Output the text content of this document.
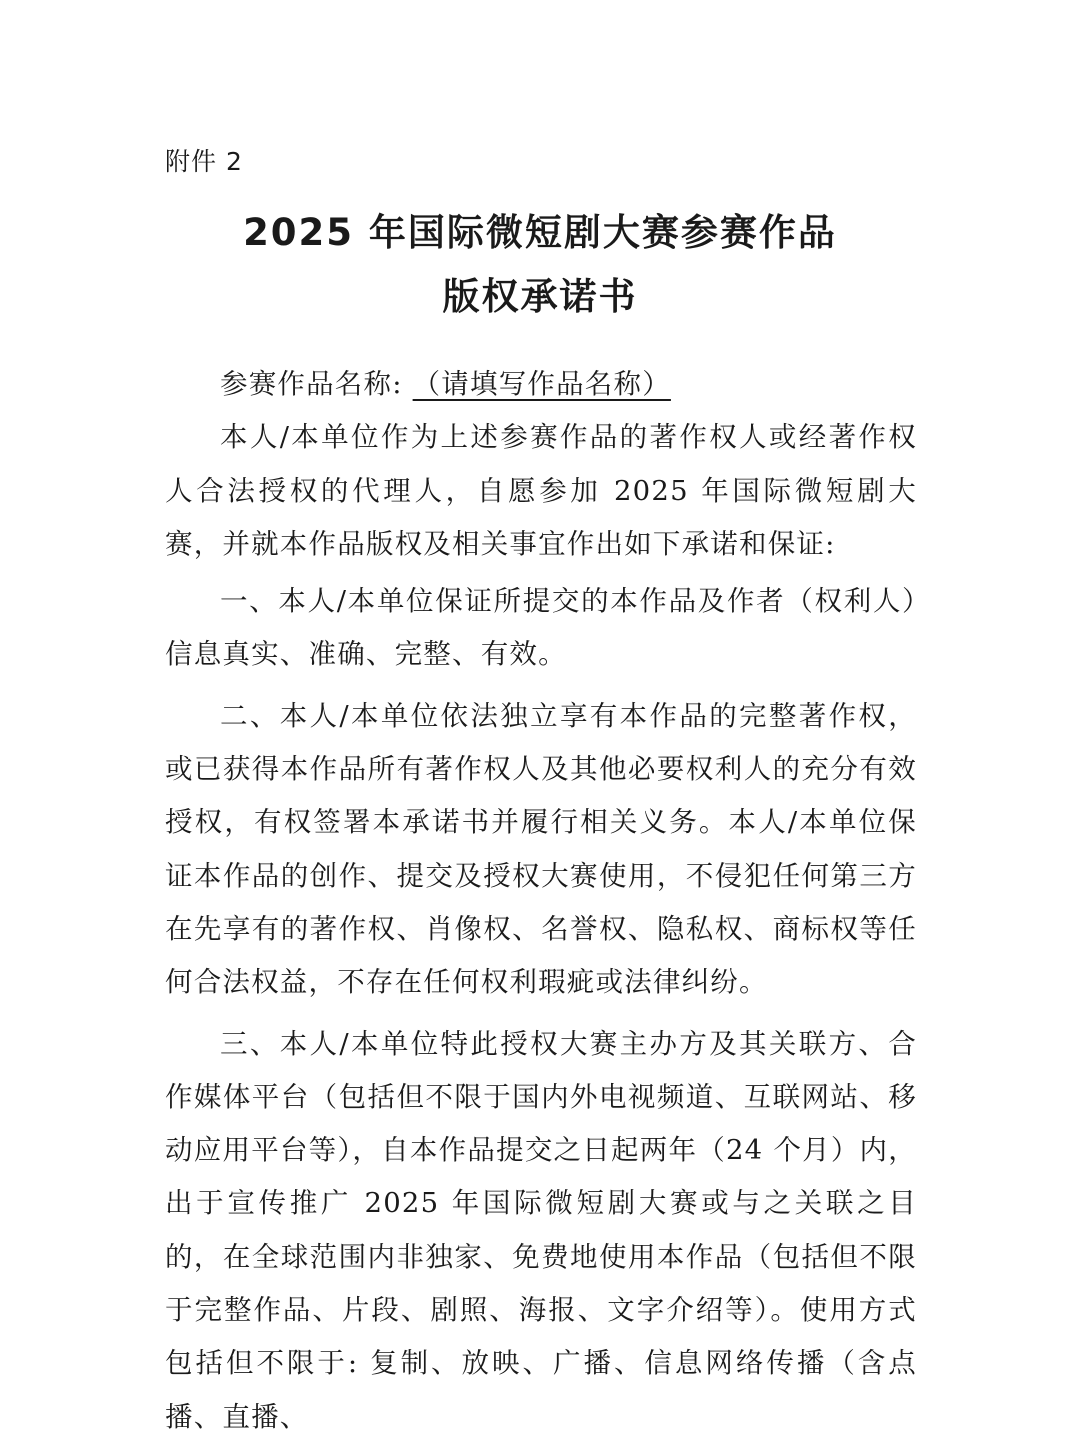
附件 2
2025 年国际微短剧大赛参赛作品
版权承诺书

参赛作品名称: （请填写作品名称）

本人/本单位作为上述参赛作品的著作权人或经著作权人合法授权的代理人，自愿参加 2025 年国际微短剧大赛，并就本作品版权及相关事宜作出如下承诺和保证:

一、本人/本单位保证所提交的本作品及作者（权利人）信息真实、准确、完整、有效。

二、本人/本单位依法独立享有本作品的完整著作权，或已获得本作品所有著作权人及其他必要权利人的充分有效授权，有权签署本承诺书并履行相关义务。本人/本单位保证本作品的创作、提交及授权大赛使用，不侵犯任何第三方在先享有的著作权、肖像权、名誉权、隐私权、商标权等任何合法权益，不存在任何权利瑕疵或法律纠纷。

三、本人/本单位特此授权大赛主办方及其关联方、合作媒体平台（包括但不限于国内外电视频道、互联网站、移动应用平台等），自本作品提交之日起两年（24 个月）内，出于宣传推广 2025 年国际微短剧大赛或与之关联之目的，在全球范围内非独家、免费地使用本作品（包括但不限于完整作品、片段、剧照、海报、文字介绍等）。使用方式包括但不限于: 复制、放映、广播、信息网络传播（含点播、直播、
